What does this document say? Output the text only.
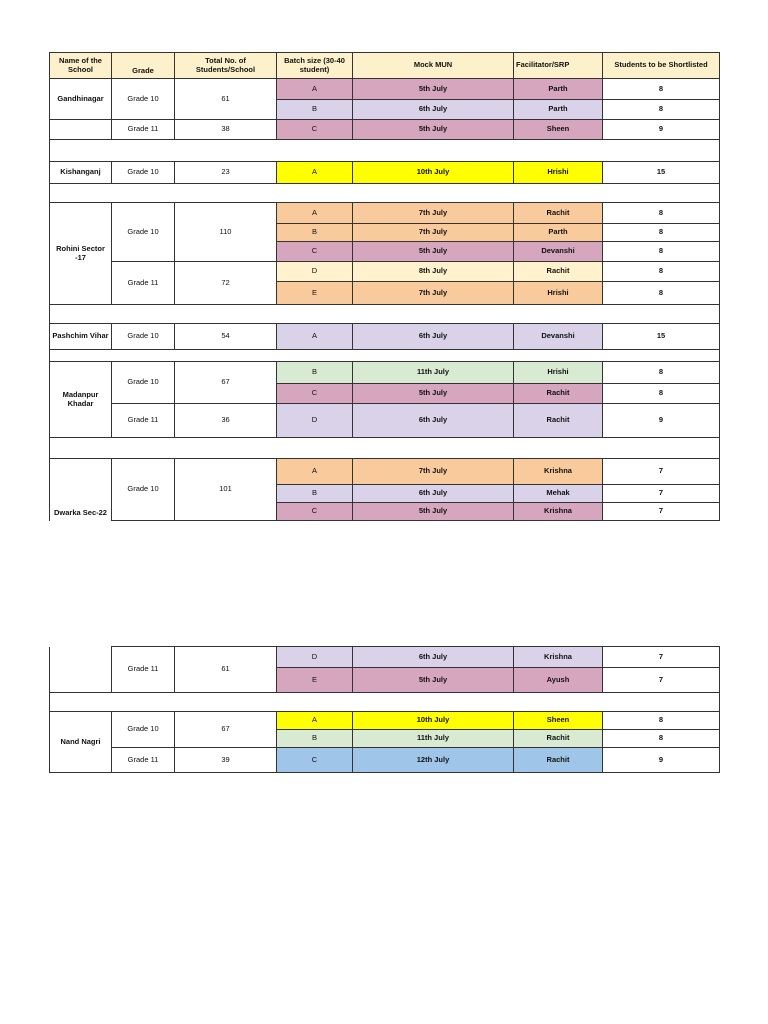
Name of the School	Grade	Total No. of Students/School	Batch size (30-40 student)	Mock MUN	Facilitator/SRP	Students to be Shortlisted
Gandhinagar	Grade 10	61	A	5th July	Parth	8
			B	6th July	Parth	8
	Grade 11	38	C	5th July	Sheen	9

Kishanganj	Grade 10	23	A	10th July	Hrishi	15

Rohini Sector -17	Grade 10	110	A	7th July	Rachit	8
			B	7th July	Parth	8
			C	5th July	Devanshi	8
	Grade 11	72	D	8th July	Rachit	8
			E	7th July	Hrishi	8

Pashchim Vihar	Grade 10	54	A	6th July	Devanshi	15

Madanpur Khadar	Grade 10	67	B	11th July	Hrishi	8
			C	5th July	Rachit	8
	Grade 11	36	D	6th July	Rachit	9

Dwarka Sec-22	Grade 10	101	A	7th July	Krishna	7
			B	6th July	Mehak	7
			C	5th July	Krishna	7
	Grade 11	61	D	6th July	Krishna	7
			E	5th July	Ayush	7

Nand Nagri	Grade 10	67	A	10th July	Sheen	8
			B	11th July	Rachit	8
	Grade 11	39	C	12th July	Rachit	9
